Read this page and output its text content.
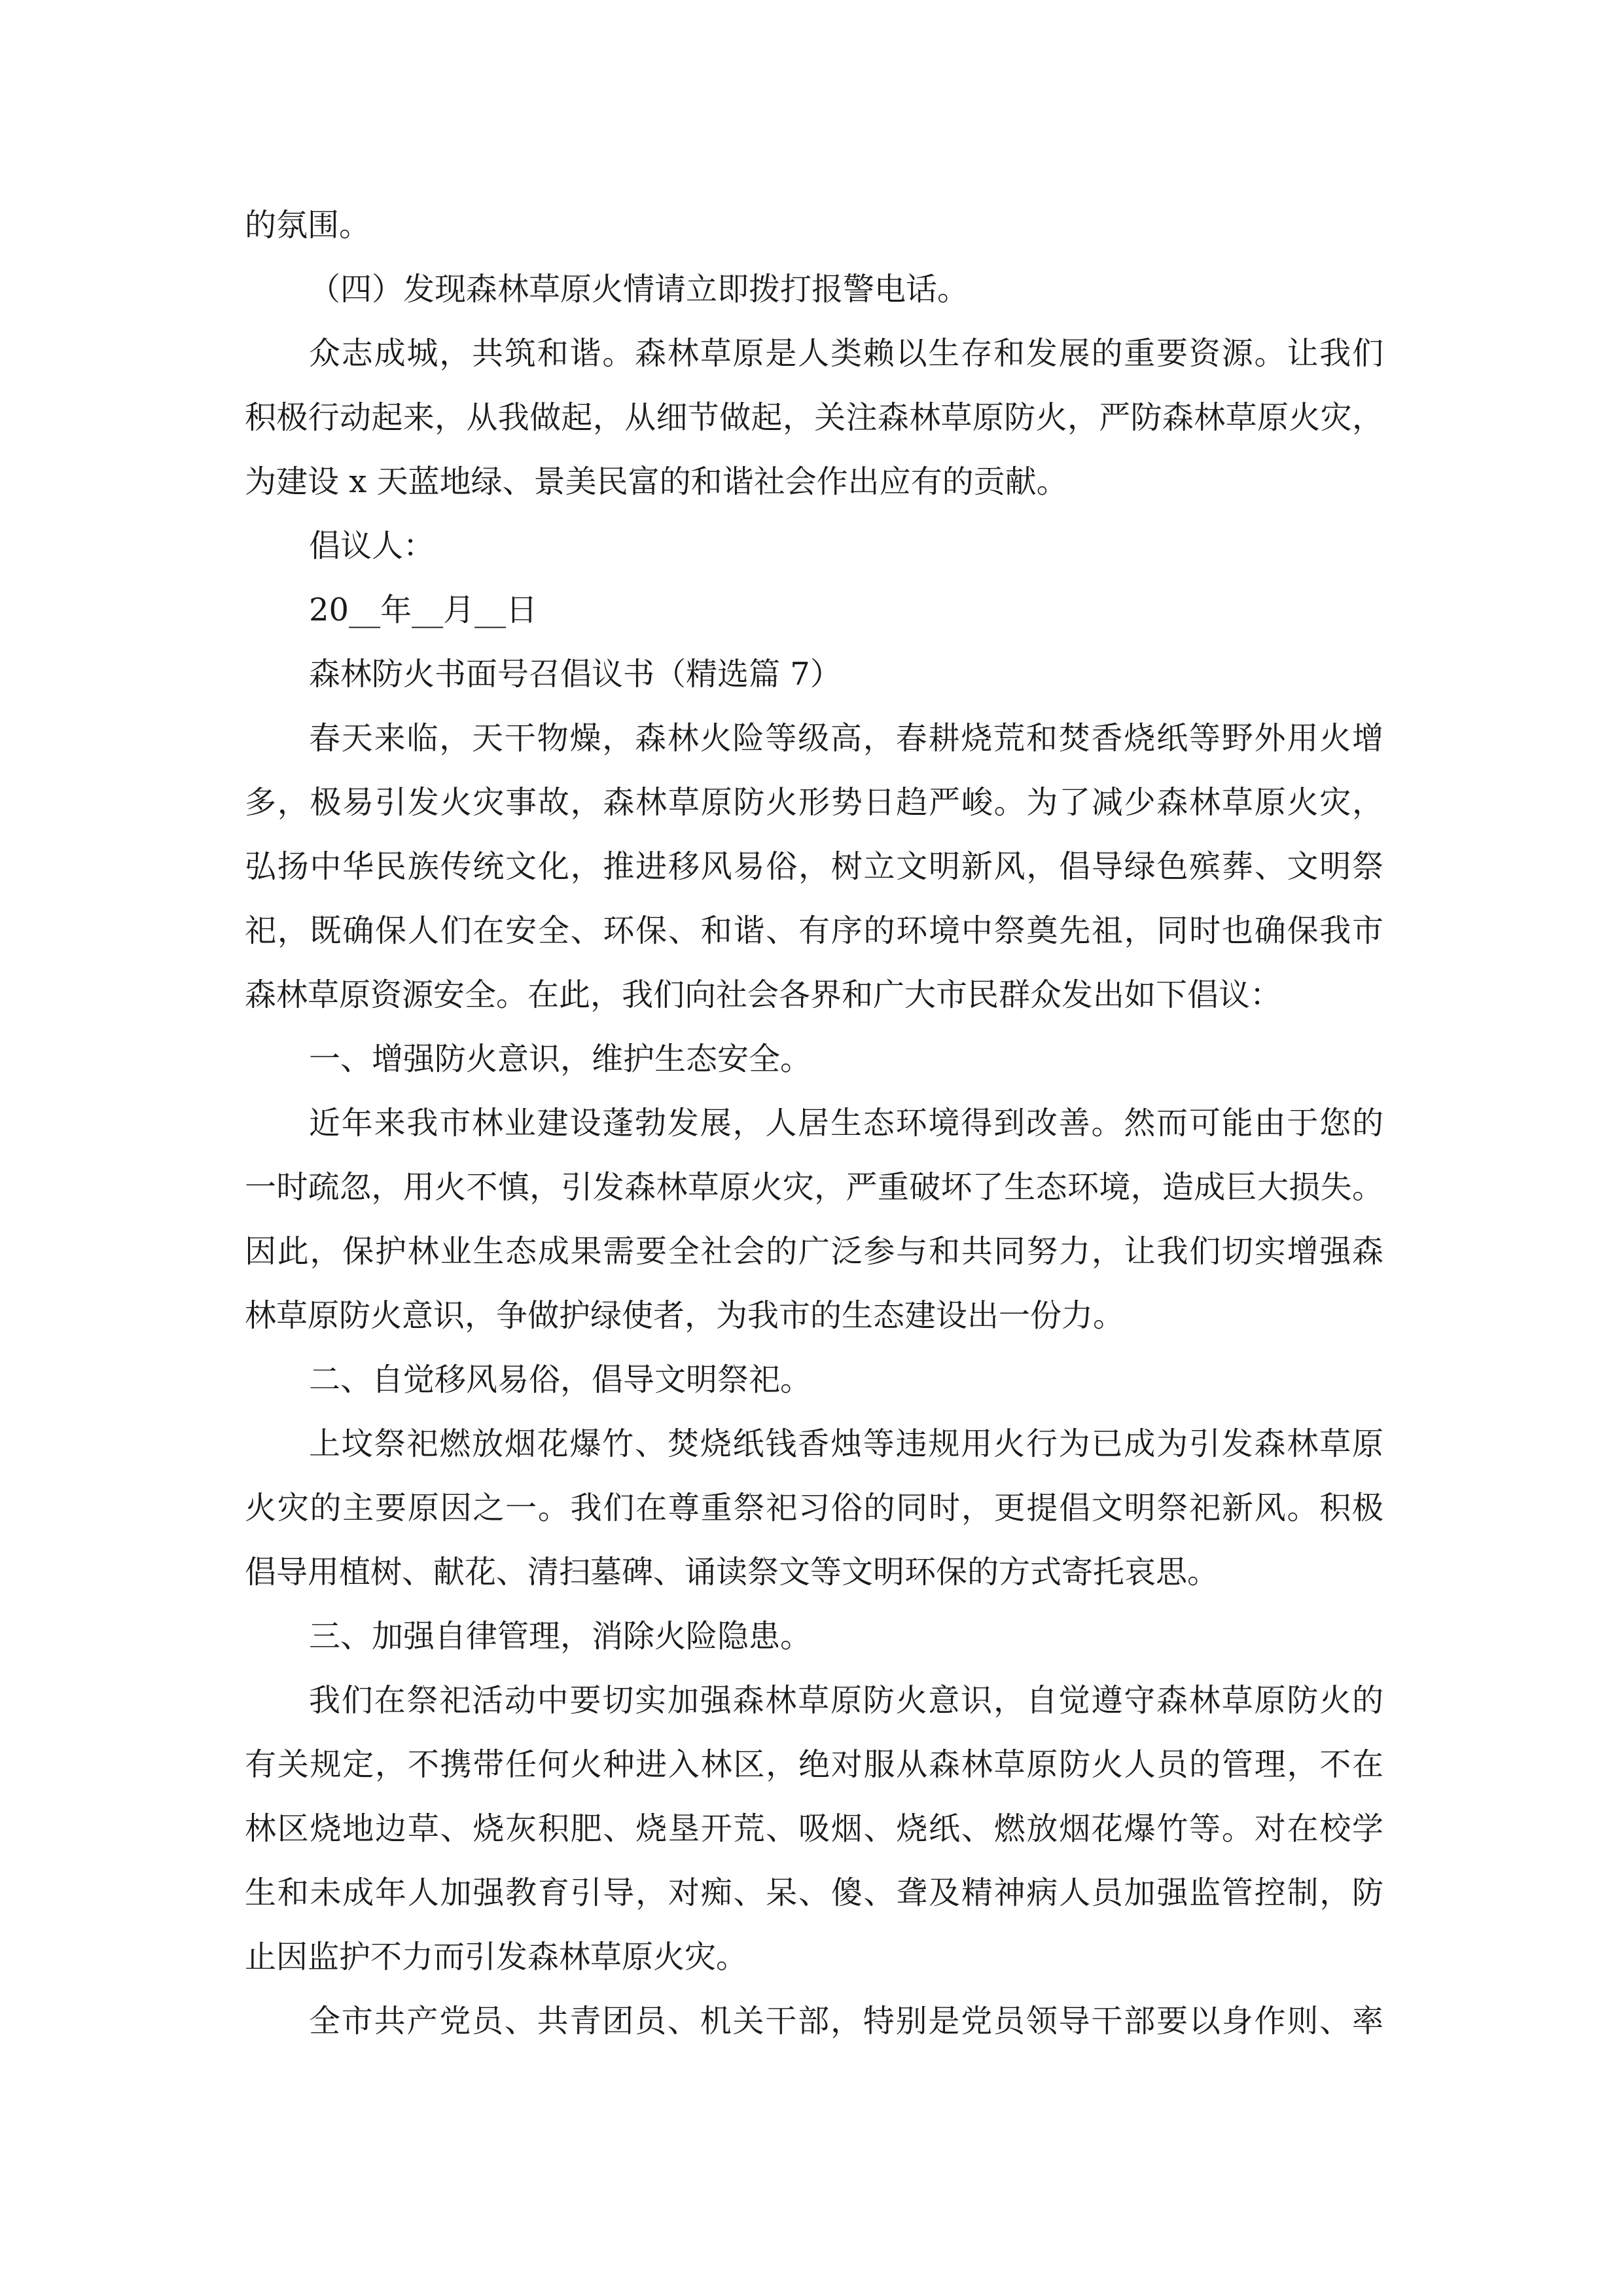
的氛围。

（四）发现森林草原火情请立即拨打报警电话。

众志成城，共筑和谐。森林草原是人类赖以生存和发展的重要资源。让我们

积极行动起来，从我做起，从细节做起，关注森林草原防火，严防森林草原火灾，

为建设 x 天蓝地绿、景美民富的和谐社会作出应有的贡献。

倡议人：

20__年__月__日

森林防火书面号召倡议书（精选篇 7）

春天来临，天干物燥，森林火险等级高，春耕烧荒和焚香烧纸等野外用火增

多，极易引发火灾事故，森林草原防火形势日趋严峻。为了减少森林草原火灾，

弘扬中华民族传统文化，推进移风易俗，树立文明新风，倡导绿色殡葬、文明祭

祀，既确保人们在安全、环保、和谐、有序的环境中祭奠先祖，同时也确保我市

森林草原资源安全。在此，我们向社会各界和广大市民群众发出如下倡议：

一、增强防火意识，维护生态安全。

近年来我市林业建设蓬勃发展，人居生态环境得到改善。然而可能由于您的

一时疏忽，用火不慎，引发森林草原火灾，严重破坏了生态环境，造成巨大损失。

因此，保护林业生态成果需要全社会的广泛参与和共同努力，让我们切实增强森

林草原防火意识，争做护绿使者，为我市的生态建设出一份力。

二、自觉移风易俗，倡导文明祭祀。

上坟祭祀燃放烟花爆竹、焚烧纸钱香烛等违规用火行为已成为引发森林草原

火灾的主要原因之一。我们在尊重祭祀习俗的同时，更提倡文明祭祀新风。积极

倡导用植树、献花、清扫墓碑、诵读祭文等文明环保的方式寄托哀思。

三、加强自律管理，消除火险隐患。

我们在祭祀活动中要切实加强森林草原防火意识，自觉遵守森林草原防火的

有关规定，不携带任何火种进入林区，绝对服从森林草原防火人员的管理，不在

林区烧地边草、烧灰积肥、烧垦开荒、吸烟、烧纸、燃放烟花爆竹等。对在校学

生和未成年人加强教育引导，对痴、呆、傻、聋及精神病人员加强监管控制，防

止因监护不力而引发森林草原火灾。

全市共产党员、共青团员、机关干部，特别是党员领导干部要以身作则、率
